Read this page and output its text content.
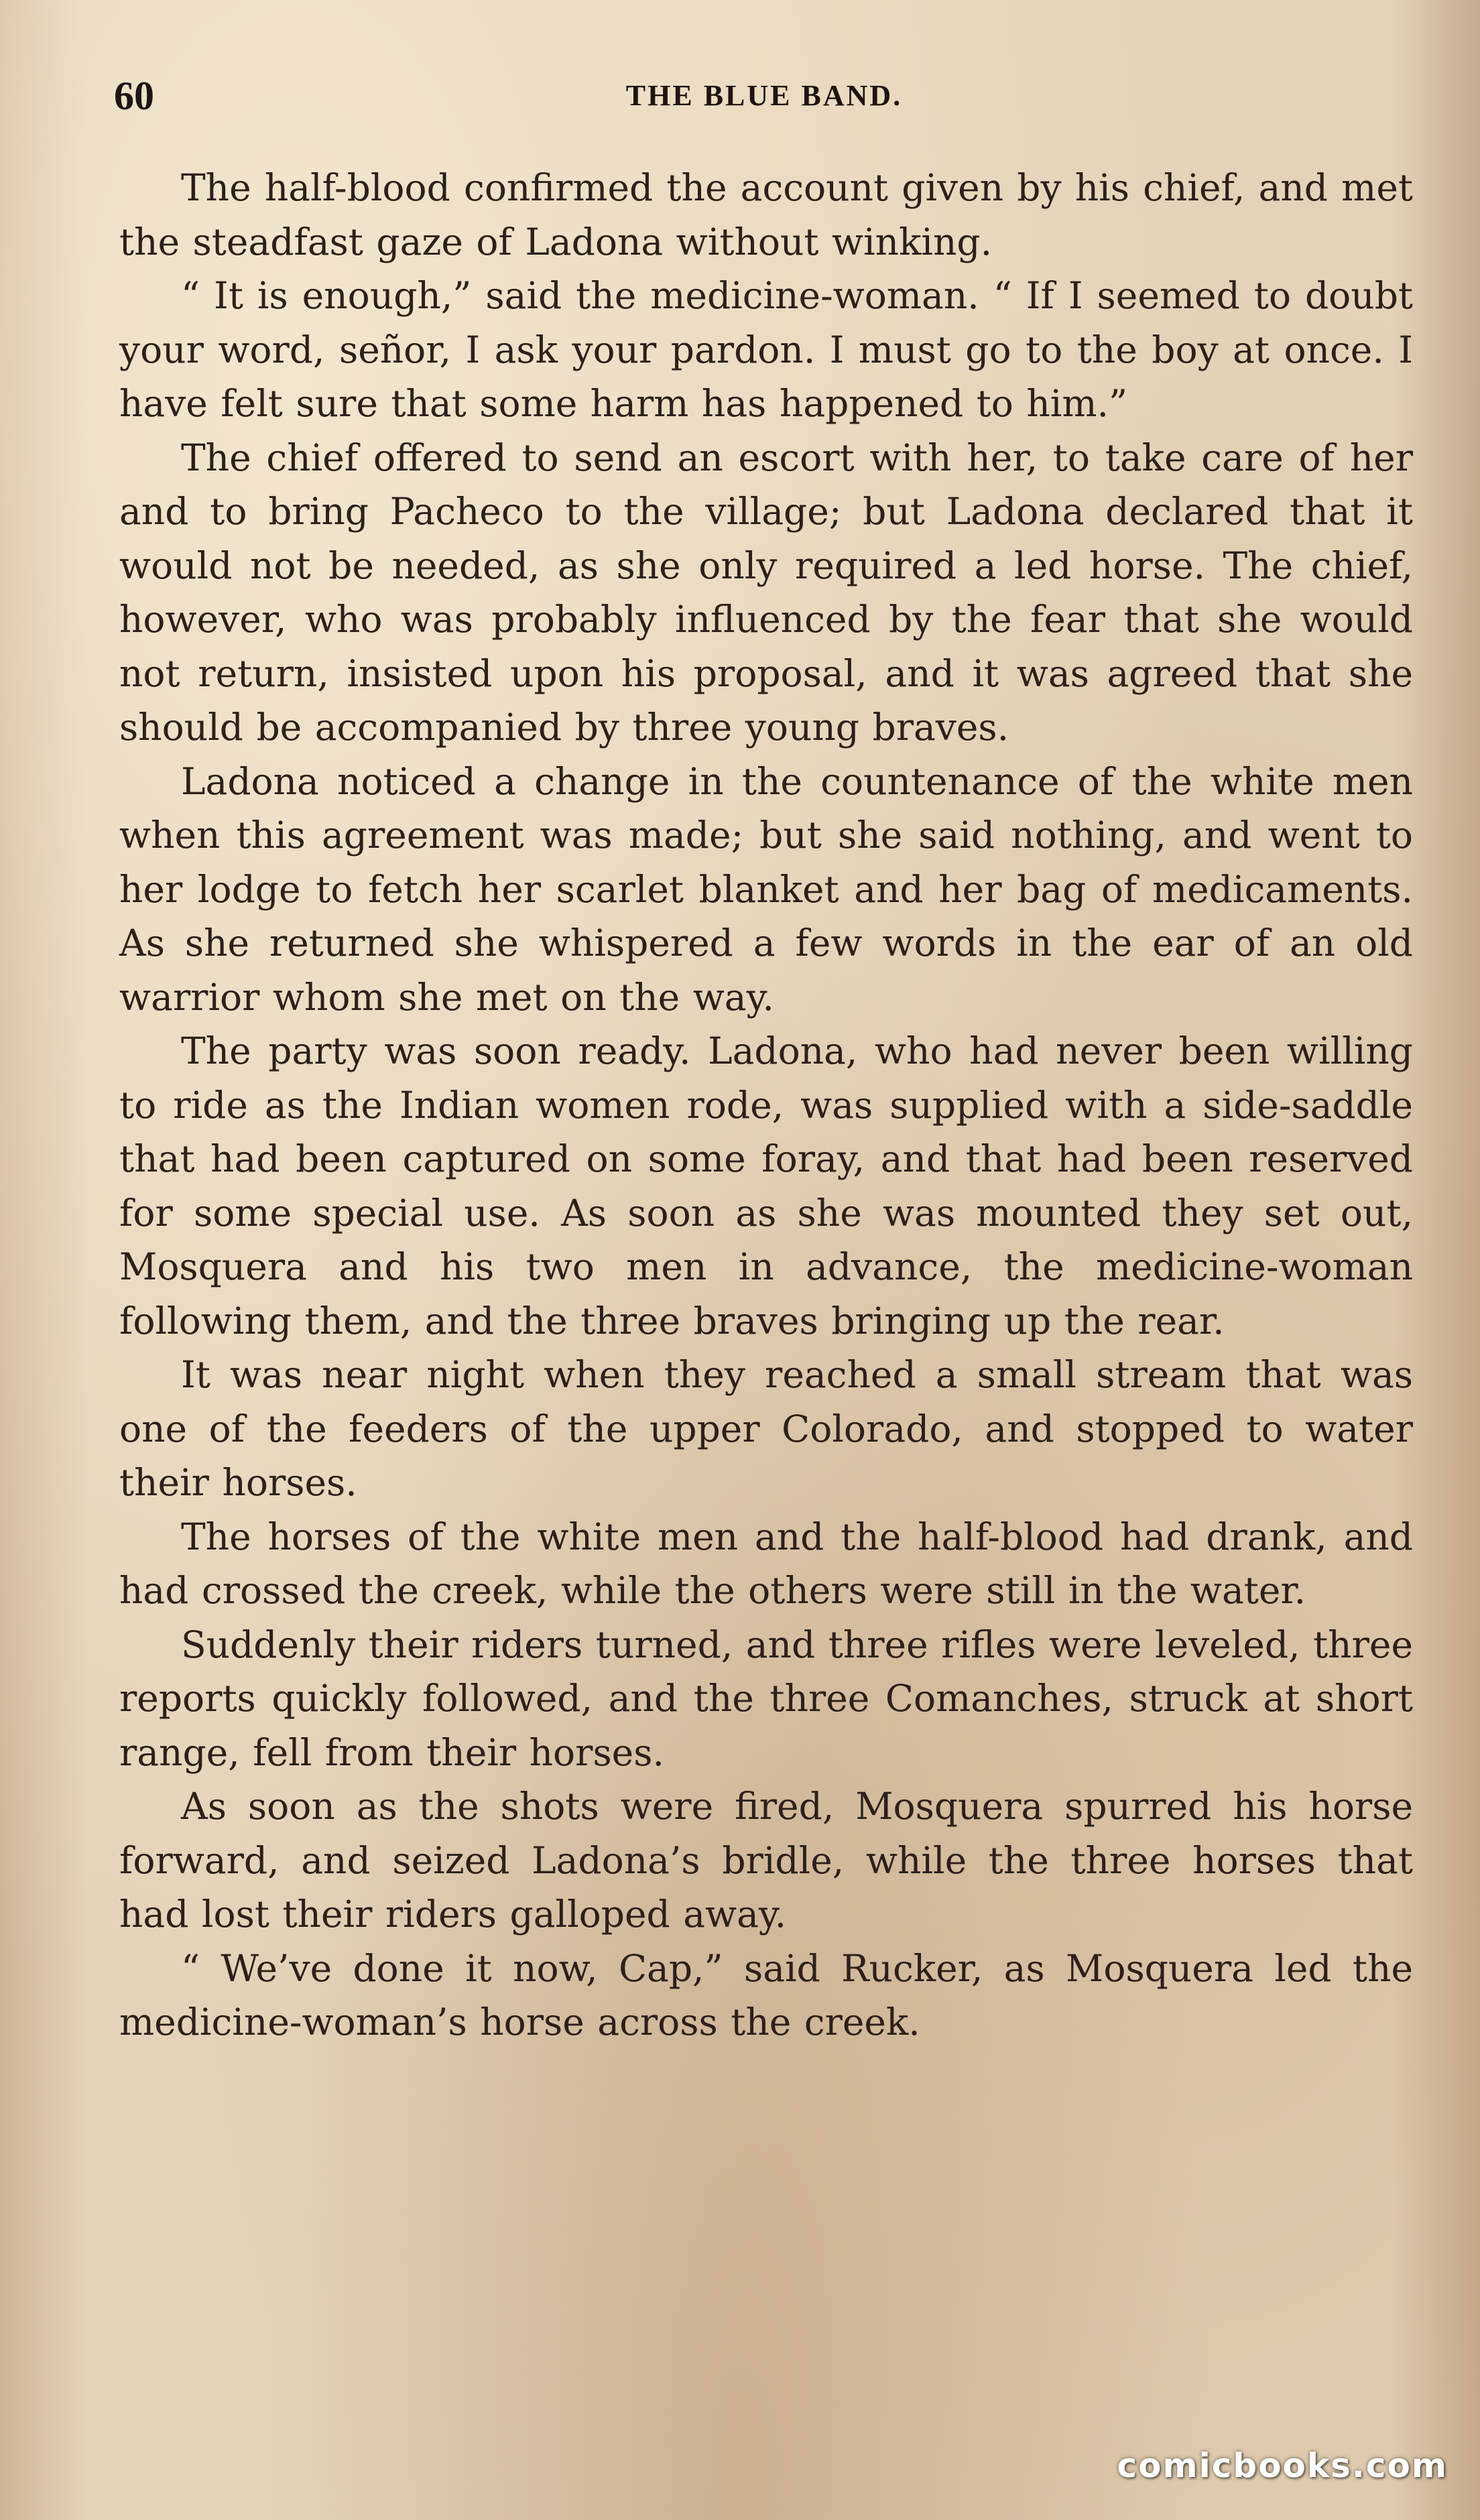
60	THE BLUE BAND.

The half-blood confirmed the account given by his chief, and met the steadfast gaze of Ladona without winking.

“ It is enough,” said the medicine-woman. “ If I seemed to doubt your word, señor, I ask your pardon. I must go to the boy at once. I have felt sure that some harm has happened to him.”

The chief offered to send an escort with her, to take care of her and to bring Pacheco to the village; but Ladona declared that it would not be needed, as she only required a led horse. The chief, however, who was probably influenced by the fear that she would not return, insisted upon his proposal, and it was agreed that she should be accompanied by three young braves.

Ladona noticed a change in the countenance of the white men when this agreement was made; but she said nothing, and went to her lodge to fetch her scarlet blanket and her bag of medicaments. As she returned she whispered a few words in the ear of an old warrior whom she met on the way.

The party was soon ready. Ladona, who had never been willing to ride as the Indian women rode, was supplied with a side-saddle that had been captured on some foray, and that had been reserved for some special use. As soon as she was mounted they set out, Mosquera and his two men in advance, the medicine-woman following them, and the three braves bringing up the rear.

It was near night when they reached a small stream that was one of the feeders of the upper Colorado, and stopped to water their horses.

The horses of the white men and the half-blood had drank, and had crossed the creek, while the others were still in the water.

Suddenly their riders turned, and three rifles were leveled, three reports quickly followed, and the three Comanches, struck at short range, fell from their horses.

As soon as the shots were fired, Mosquera spurred his horse forward, and seized Ladona’s bridle, while the three horses that had lost their riders galloped away.

“ We’ve done it now, Cap,” said Rucker, as Mosquera led the medicine-woman’s horse across the creek.

comicbooks.com
